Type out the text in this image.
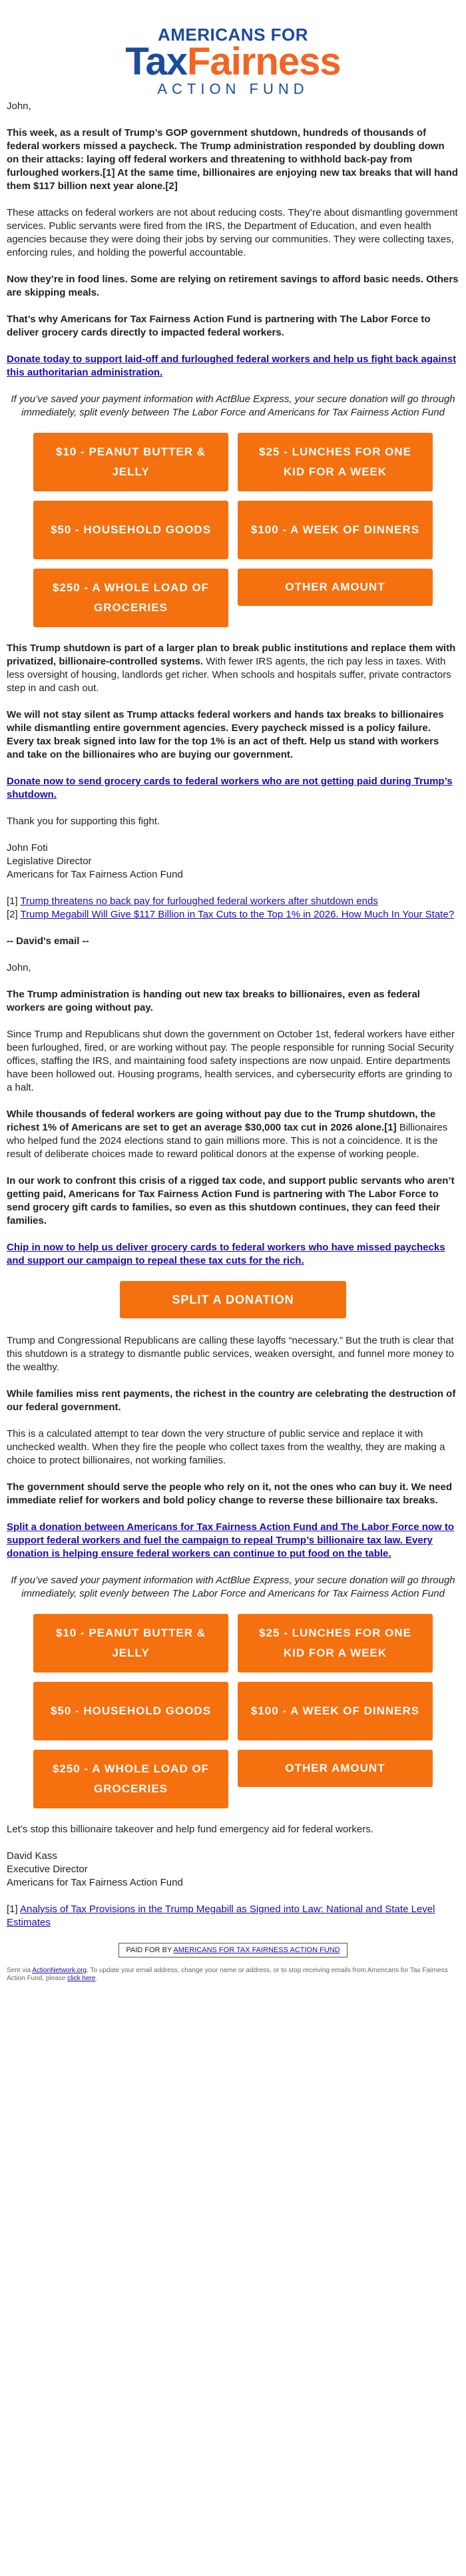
AMERICANS FOR
TaxFairness
ACTION FUND

John,

This week, as a result of Trump’s GOP government shutdown, hundreds of thousands of federal workers missed a paycheck. The Trump administration responded by doubling down on their attacks: laying off federal workers and threatening to withhold back-pay from furloughed workers.[1] At the same time, billionaires are enjoying new tax breaks that will hand them $117 billion next year alone.[2]

These attacks on federal workers are not about reducing costs. They’re about dismantling government services. Public servants were fired from the IRS, the Department of Education, and even health agencies because they were doing their jobs by serving our communities. They were collecting taxes, enforcing rules, and holding the powerful accountable.

Now they’re in food lines. Some are relying on retirement savings to afford basic needs. Others are skipping meals.

That’s why Americans for Tax Fairness Action Fund is partnering with The Labor Force to deliver grocery cards directly to impacted federal workers.

Donate today to support laid-off and furloughed federal workers and help us fight back against this authoritarian administration.

If you’ve saved your payment information with ActBlue Express, your secure donation will go through immediately, split evenly between The Labor Force and Americans for Tax Fairness Action Fund

$10 - PEANUT BUTTER & JELLY
$25 - LUNCHES FOR ONE KID FOR A WEEK
$50 - HOUSEHOLD GOODS	$100 - A WEEK OF DINNERS
$250 - A WHOLE LOAD OF GROCERIES
OTHER AMOUNT

This Trump shutdown is part of a larger plan to break public institutions and replace them with privatized, billionaire-controlled systems. With fewer IRS agents, the rich pay less in taxes. With less oversight of housing, landlords get richer. When schools and hospitals suffer, private contractors step in and cash out.

We will not stay silent as Trump attacks federal workers and hands tax breaks to billionaires while dismantling entire government agencies. Every paycheck missed is a policy failure. Every tax break signed into law for the top 1% is an act of theft. Help us stand with workers and take on the billionaires who are buying our government.

Donate now to send grocery cards to federal workers who are not getting paid during Trump’s shutdown.

Thank you for supporting this fight.

John Foti

Legislative Director

Americans for Tax Fairness Action Fund

[1] Trump threatens no back pay for furloughed federal workers after shutdown ends

[2] Trump Megabill Will Give $117 Billion in Tax Cuts to the Top 1% in 2026. How Much In Your State?

-- David's email --

John,

The Trump administration is handing out new tax breaks to billionaires, even as federal workers are going without pay.

Since Trump and Republicans shut down the government on October 1st, federal workers have either been furloughed, fired, or are working without pay. The people responsible for running Social Security offices, staffing the IRS, and maintaining food safety inspections are now unpaid. Entire departments have been hollowed out. Housing programs, health services, and cybersecurity efforts are grinding to a halt.

While thousands of federal workers are going without pay due to the Trump shutdown, the richest 1% of Americans are set to get an average $30,000 tax cut in 2026 alone.[1] Billionaires who helped fund the 2024 elections stand to gain millions more. This is not a coincidence. It is the result of deliberate choices made to reward political donors at the expense of working people.

In our work to confront this crisis of a rigged tax code, and support public servants who aren’t getting paid, Americans for Tax Fairness Action Fund is partnering with The Labor Force to send grocery gift cards to families, so even as this shutdown continues, they can feed their families.

Chip in now to help us deliver grocery cards to federal workers who have missed paychecks and support our campaign to repeal these tax cuts for the rich.

SPLIT A DONATION

Trump and Congressional Republicans are calling these layoffs “necessary.” But the truth is clear that this shutdown is a strategy to dismantle public services, weaken oversight, and funnel more money to the wealthy.

While families miss rent payments, the richest in the country are celebrating the destruction of our federal government.

This is a calculated attempt to tear down the very structure of public service and replace it with unchecked wealth. When they fire the people who collect taxes from the wealthy, they are making a choice to protect billionaires, not working families.

The government should serve the people who rely on it, not the ones who can buy it. We need immediate relief for workers and bold policy change to reverse these billionaire tax breaks.

Split a donation between Americans for Tax Fairness Action Fund and The Labor Force now to support federal workers and fuel the campaign to repeal Trump’s billionaire tax law. Every donation is helping ensure federal workers can continue to put food on the table.

If you’ve saved your payment information with ActBlue Express, your secure donation will go through immediately, split evenly between The Labor Force and Americans for Tax Fairness Action Fund

$10 - PEANUT BUTTER & JELLY
$25 - LUNCHES FOR ONE KID FOR A WEEK
$50 - HOUSEHOLD GOODS	$100 - A WEEK OF DINNERS
$250 - A WHOLE LOAD OF GROCERIES
OTHER AMOUNT

Let’s stop this billionaire takeover and help fund emergency aid for federal workers.

David Kass

Executive Director

Americans for Tax Fairness Action Fund

[1] Analysis of Tax Provisions in the Trump Megabill as Signed into Law: National and State Level Estimates

PAID FOR BY AMERICANS FOR TAX FAIRNESS ACTION FUND
Sent via ActionNetwork.org. To update your email address, change your name or address, or to stop receiving emails from Americans for Tax Fairness Action Fund, please click here.
